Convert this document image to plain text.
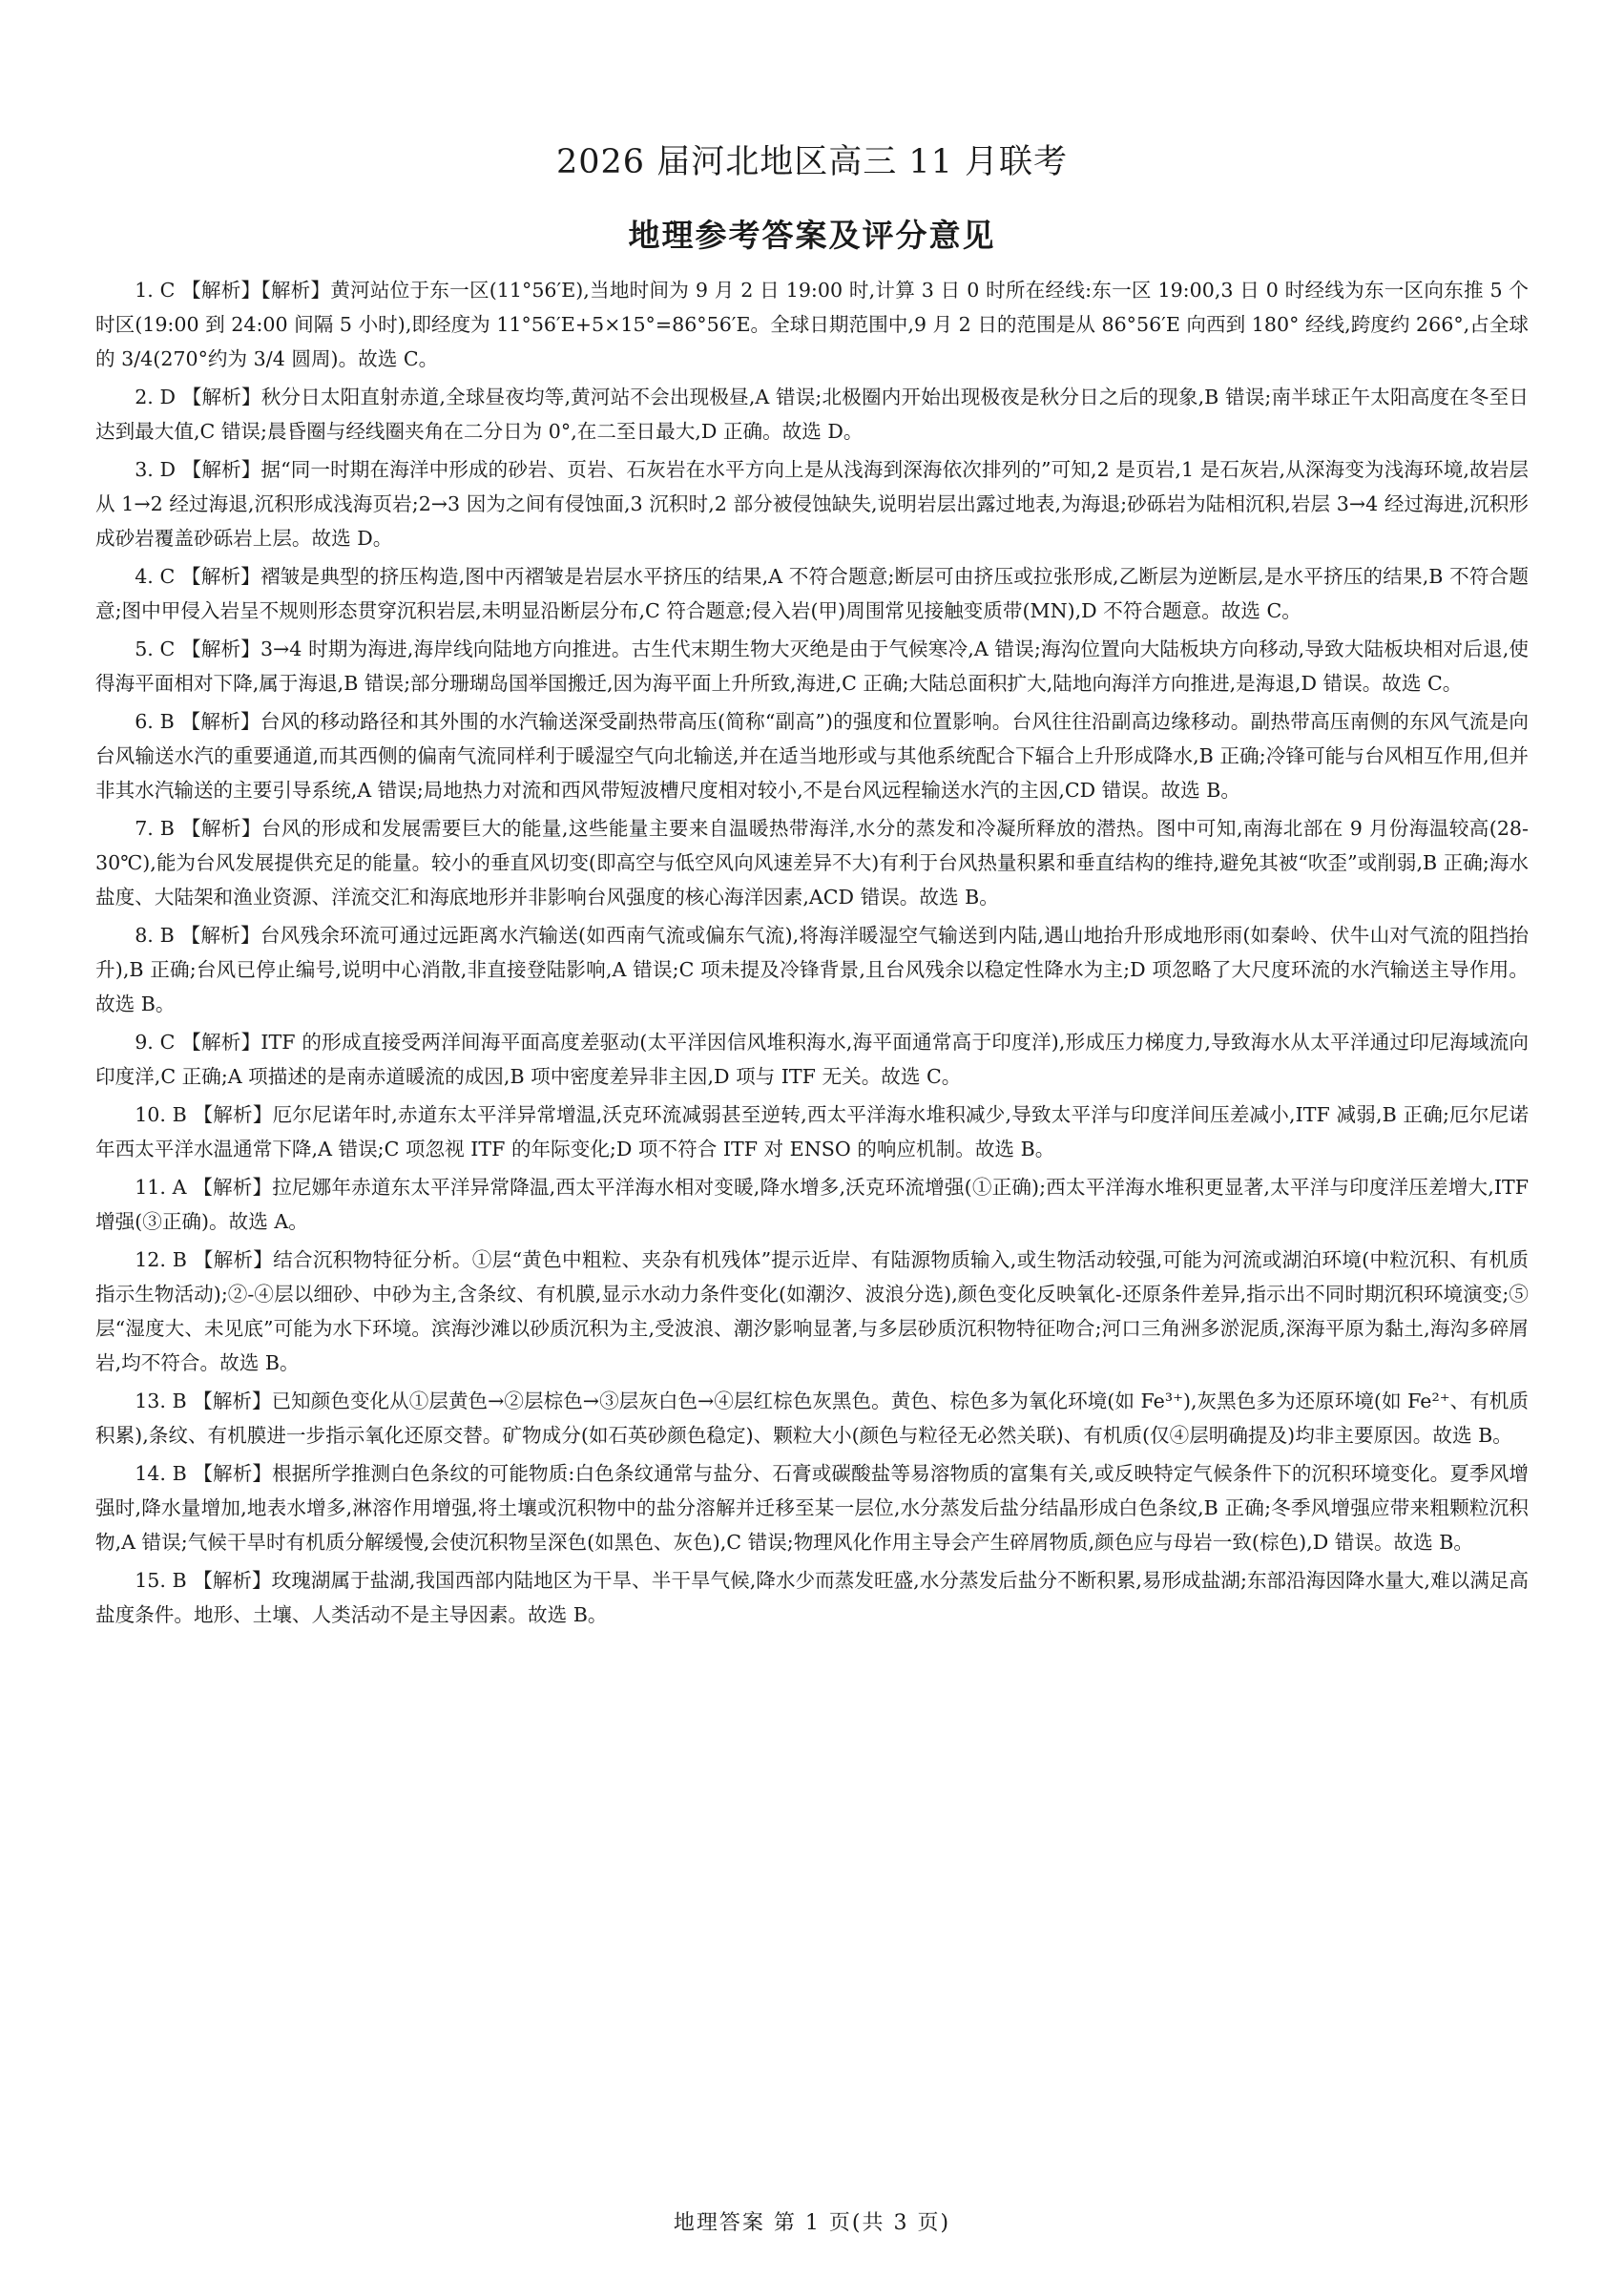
2026 届河北地区高三 11 月联考
地理参考答案及评分意见

1. C 【解析】【解析】黄河站位于东一区(11°56′E),当地时间为 9 月 2 日 19:00 时,计算 3 日 0 时所在经线:东一区 19:00,3 日 0 时经线为东一区向东推 5 个时区(19:00 到 24:00 间隔 5 小时),即经度为 11°56′E+5×15°=86°56′E。全球日期范围中,9 月 2 日的范围是从 86°56′E 向西到 180° 经线,跨度约 266°,占全球的 3/4(270°约为 3/4 圆周)。故选 C。

2. D 【解析】秋分日太阳直射赤道,全球昼夜均等,黄河站不会出现极昼,A 错误;北极圈内开始出现极夜是秋分日之后的现象,B 错误;南半球正午太阳高度在冬至日达到最大值,C 错误;晨昏圈与经线圈夹角在二分日为 0°,在二至日最大,D 正确。故选 D。

3. D 【解析】据“同一时期在海洋中形成的砂岩、页岩、石灰岩在水平方向上是从浅海到深海依次排列的”可知,2 是页岩,1 是石灰岩,从深海变为浅海环境,故岩层从 1→2 经过海退,沉积形成浅海页岩;2→3 因为之间有侵蚀面,3 沉积时,2 部分被侵蚀缺失,说明岩层出露过地表,为海退;砂砾岩为陆相沉积,岩层 3→4 经过海进,沉积形成砂岩覆盖砂砾岩上层。故选 D。

4. C 【解析】褶皱是典型的挤压构造,图中丙褶皱是岩层水平挤压的结果,A 不符合题意;断层可由挤压或拉张形成,乙断层为逆断层,是水平挤压的结果,B 不符合题意;图中甲侵入岩呈不规则形态贯穿沉积岩层,未明显沿断层分布,C 符合题意;侵入岩(甲)周围常见接触变质带(MN),D 不符合题意。故选 C。

5. C 【解析】3→4 时期为海进,海岸线向陆地方向推进。古生代末期生物大灭绝是由于气候寒冷,A 错误;海沟位置向大陆板块方向移动,导致大陆板块相对后退,使得海平面相对下降,属于海退,B 错误;部分珊瑚岛国举国搬迁,因为海平面上升所致,海进,C 正确;大陆总面积扩大,陆地向海洋方向推进,是海退,D 错误。故选 C。

6. B 【解析】台风的移动路径和其外围的水汽输送深受副热带高压(简称“副高”)的强度和位置影响。台风往往沿副高边缘移动。副热带高压南侧的东风气流是向台风输送水汽的重要通道,而其西侧的偏南气流同样利于暖湿空气向北输送,并在适当地形或与其他系统配合下辐合上升形成降水,B 正确;冷锋可能与台风相互作用,但并非其水汽输送的主要引导系统,A 错误;局地热力对流和西风带短波槽尺度相对较小,不是台风远程输送水汽的主因,CD 错误。故选 B。

7. B 【解析】台风的形成和发展需要巨大的能量,这些能量主要来自温暖热带海洋,水分的蒸发和冷凝所释放的潜热。图中可知,南海北部在 9 月份海温较高(28-30℃),能为台风发展提供充足的能量。较小的垂直风切变(即高空与低空风向风速差异不大)有利于台风热量积累和垂直结构的维持,避免其被“吹歪”或削弱,B 正确;海水盐度、大陆架和渔业资源、洋流交汇和海底地形并非影响台风强度的核心海洋因素,ACD 错误。故选 B。

8. B 【解析】台风残余环流可通过远距离水汽输送(如西南气流或偏东气流),将海洋暖湿空气输送到内陆,遇山地抬升形成地形雨(如秦岭、伏牛山对气流的阻挡抬升),B 正确;台风已停止编号,说明中心消散,非直接登陆影响,A 错误;C 项未提及冷锋背景,且台风残余以稳定性降水为主;D 项忽略了大尺度环流的水汽输送主导作用。故选 B。

9. C 【解析】ITF 的形成直接受两洋间海平面高度差驱动(太平洋因信风堆积海水,海平面通常高于印度洋),形成压力梯度力,导致海水从太平洋通过印尼海域流向印度洋,C 正确;A 项描述的是南赤道暖流的成因,B 项中密度差异非主因,D 项与 ITF 无关。故选 C。

10. B 【解析】厄尔尼诺年时,赤道东太平洋异常增温,沃克环流减弱甚至逆转,西太平洋海水堆积减少,导致太平洋与印度洋间压差减小,ITF 减弱,B 正确;厄尔尼诺年西太平洋水温通常下降,A 错误;C 项忽视 ITF 的年际变化;D 项不符合 ITF 对 ENSO 的响应机制。故选 B。

11. A 【解析】拉尼娜年赤道东太平洋异常降温,西太平洋海水相对变暖,降水增多,沃克环流增强(①正确);西太平洋海水堆积更显著,太平洋与印度洋压差增大,ITF 增强(③正确)。故选 A。

12. B 【解析】结合沉积物特征分析。①层“黄色中粗粒、夹杂有机残体”提示近岸、有陆源物质输入,或生物活动较强,可能为河流或湖泊环境(中粒沉积、有机质指示生物活动);②-④层以细砂、中砂为主,含条纹、有机膜,显示水动力条件变化(如潮汐、波浪分选),颜色变化反映氧化-还原条件差异,指示出不同时期沉积环境演变;⑤层“湿度大、未见底”可能为水下环境。滨海沙滩以砂质沉积为主,受波浪、潮汐影响显著,与多层砂质沉积物特征吻合;河口三角洲多淤泥质,深海平原为黏土,海沟多碎屑岩,均不符合。故选 B。

13. B 【解析】已知颜色变化从①层黄色→②层棕色→③层灰白色→④层红棕色灰黑色。黄色、棕色多为氧化环境(如 Fe³⁺),灰黑色多为还原环境(如 Fe²⁺、有机质积累),条纹、有机膜进一步指示氧化还原交替。矿物成分(如石英砂颜色稳定)、颗粒大小(颜色与粒径无必然关联)、有机质(仅④层明确提及)均非主要原因。故选 B。

14. B 【解析】根据所学推测白色条纹的可能物质:白色条纹通常与盐分、石膏或碳酸盐等易溶物质的富集有关,或反映特定气候条件下的沉积环境变化。夏季风增强时,降水量增加,地表水增多,淋溶作用增强,将土壤或沉积物中的盐分溶解并迁移至某一层位,水分蒸发后盐分结晶形成白色条纹,B 正确;冬季风增强应带来粗颗粒沉积物,A 错误;气候干旱时有机质分解缓慢,会使沉积物呈深色(如黑色、灰色),C 错误;物理风化作用主导会产生碎屑物质,颜色应与母岩一致(棕色),D 错误。故选 B。

15. B 【解析】玫瑰湖属于盐湖,我国西部内陆地区为干旱、半干旱气候,降水少而蒸发旺盛,水分蒸发后盐分不断积累,易形成盐湖;东部沿海因降水量大,难以满足高盐度条件。地形、土壤、人类活动不是主导因素。故选 B。

地理答案 第 1 页(共 3 页)
